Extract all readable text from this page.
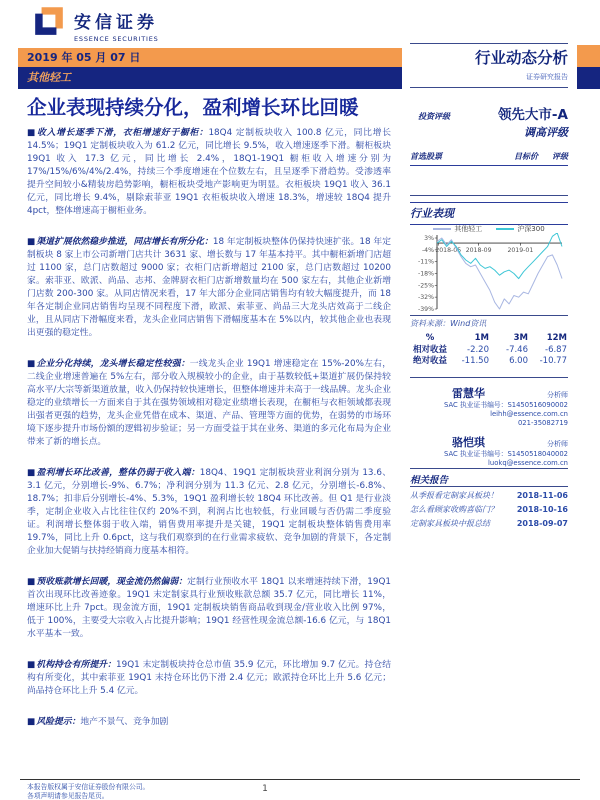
安信证券
ESSENCE SECURITIES
2019 年 05 月 07 日
其他轻工
企业表现持续分化，盈利增长环比回暖
■ 收入增长逐季下滑，衣柜增速好于橱柜：18Q4 定制板块收入 100.8 亿元，同比增长 14.5%；19Q1 定制板块收入为 61.2 亿元，同比增长 9.5%，收入增速逐季下滑。橱柜板块 19Q1 收入 17.3 亿元，同比增长 2.4%，18Q1-19Q1 橱柜收入增速分别为 17%/15%/6%/4%/2.4%，持续三个季度增速在个位数左右，且呈逐季下滑趋势。受渗透率提升空间较小&精装房趋势影响，橱柜板块受地产影响更为明显。衣柜板块 19Q1 收入 36.1 亿元，同比增长 9.4%，剔除索菲亚 19Q1 衣柜板块收入增速 18.3%，增速较 18Q4 提升 4pct，整体增速高于橱柜业务。
■ 渠道扩展依然稳步推进，同店增长有所分化：18 年定制板块整体仍保持快速扩张。18 年定制板块 8 家上市公司新增门店共计 3631 家、增长数与 17 年基本持平。其中橱柜新增门店超过 1100 家，总门店数超过 9000 家；衣柜门店新增超过 2100 家，总门店数超过 10200 家。索菲亚、欧派、尚品、志邦、金牌厨衣柜门店新增数量均在 500 家左右，其他企业新增门店数 200-300 家。从同店情况来看，17 年大部分企业同店销售均有较大幅度提升，而 18 年各定制企业同店销售均呈现不同程度下滑，欧派、索菲亚、尚品三大龙头店效高于二线企业，且从同店下滑幅度来看，龙头企业同店销售下滑幅度基本在 5%以内，较其他企业也表现出更强的稳定性。
■ 企业分化持续，龙头增长稳定性较强：一线龙头企业 19Q1 增速稳定在 15%-20%左右，二线企业增速普遍在 5%左右，部分收入规模较小的企业，由于基数较低+渠道扩展仍保持较高水平/大宗等新渠道放量，收入仍保持较快速增长，但整体增速并未高于一线品牌。龙头企业稳定的业绩增长一方面来自于其在强势领域相对稳定业绩增长表现，在橱柜与衣柜领域都表现出强者更强的趋势，龙头企业凭借在成本、渠道、产品、管理等方面的优势，在弱势的市场环境下逐步提升市场份额的逻辑初步验证；另一方面受益于其在业务、渠道的多元化布局为企业带来了新的增长点。
■ 盈利增长环比改善，整体仍弱于收入端：18Q4、19Q1 定制板块营业利润分别为 13.6、3.1 亿元，分别增长-9%、6.7%；净利润分别为 11.3 亿元、2.8 亿元，分别增长-6.8%、18.7%；扣非后分别增长-4%、5.3%，19Q1 盈利增长较 18Q4 环比改善。但 Q1 是行业淡季，定制企业收入占比往往仅约 20%不到，利润占比也较低，行业回暖与否仍需二季度验证。利润增长整体弱于收入端，销售费用率提升是关键，19Q1 定制板块整体销售费用率 19.7%，同比上升 0.6pct，这与我们观察到的在行业需求疲软、竞争加剧的背景下，各定制企业加大促销与扶持经销商力度基本相符。
■ 预收账款增长回暖，现金流仍然偏弱：定制行业预收水平 18Q1 以来增速持续下滑，19Q1 首次出现环比改善迹象。19Q1 末定制家具行业预收账款总额 35.7 亿元，同比增长 11%，增速环比上升 7pct。现金流方面，19Q1 定制板块销售商品收到现金/营业收入比例 97%，低于 100%，主要受大宗收入占比提升影响；19Q1 经营性现金流总额-16.6 亿元，与 18Q1 水平基本一致。
■ 机构持仓有所提升：19Q1 末定制板块持仓总市值 35.9 亿元，环比增加 9.7 亿元。持仓结构有所变化，其中索菲亚 19Q1 末持仓环比仍下滑 2.4 亿元；欧派持仓环比上升 5.6 亿元；尚品持仓环比上升 5.4 亿元。
■ 风险提示：地产不景气、竞争加剧
行业动态分析
证券研究报告
投资评级	领先大市-A
调高评级
首选股票	目标价 评级
行业表现
其他轻工	沪深300
3%
-4%
-11%
-18%
-25%
-32%
-39%
2018-05 2018-09	2019-01
资料来源：Wind资讯
%	1M	3M	12M
相对收益	-2.20	-7.46	-6.87
绝对收益	-11.50	6.00	-10.77
雷慧华	分析师
SAC 执业证书编号：S1450516090002
leihh@essence.com.cn
021-35082719
骆恺琪	分析师
SAC 执业证书编号：S1450518040002
luokq@essence.com.cn
相关报告
从季报看定制家具板块！ 2018-11-06
怎么看顾家收购喜临门？ 2018-10-16
定制家具板块中报总结	2018-09-07
本报告版权属于安信证券股份有限公司。
各项声明请参见报告尾页。
1
